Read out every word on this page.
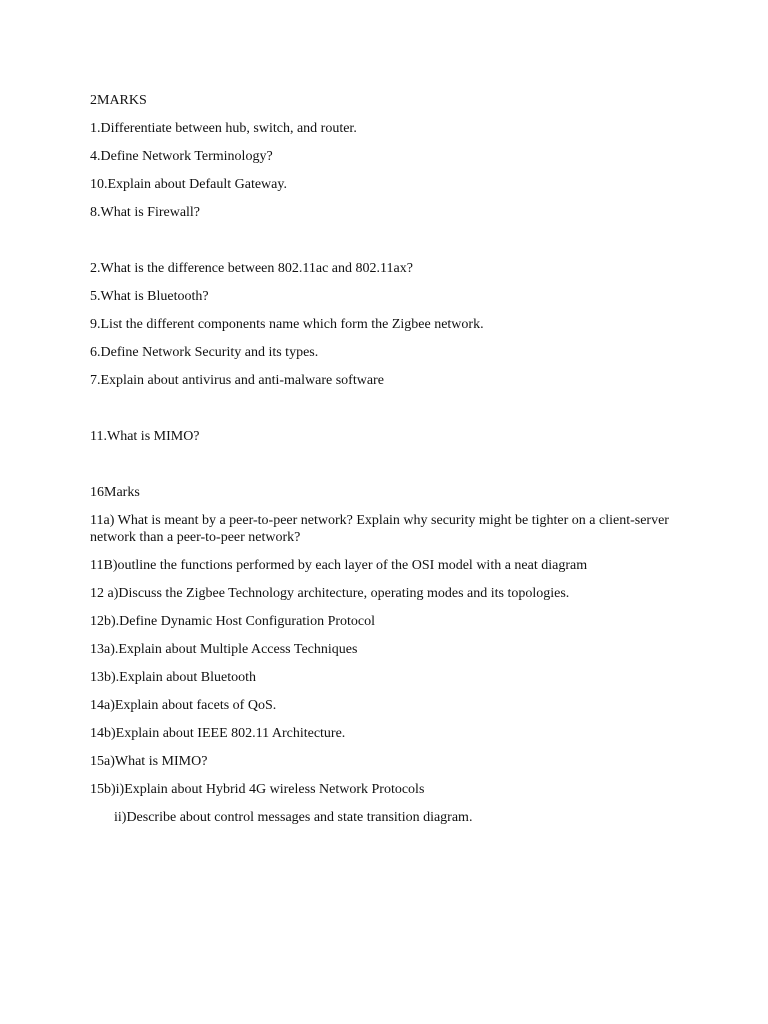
2MARKS

1.Differentiate between hub, switch, and router.

4.Define Network Terminology?

10.Explain about Default Gateway.

8.What is Firewall?

2.What is the difference between 802.11ac and 802.11ax?

5.What is Bluetooth?

9.List the different components name which form the Zigbee network.

6.Define Network Security and its types.

7.Explain about antivirus and anti-malware software

11.What is MIMO?

16Marks

11a) What is meant by a peer-to-peer network? Explain why security might be tighter on a client-server network than a peer-to-peer network?

11B)outline the functions performed by each layer of the OSI model with a neat diagram

12 a)Discuss the Zigbee Technology architecture, operating modes and its topologies.

12b).Define Dynamic Host Configuration Protocol

13a).Explain about Multiple Access Techniques

13b).Explain about Bluetooth

14a)Explain about facets of QoS.

14b)Explain about IEEE 802.11 Architecture.

15a)What is MIMO?

15b)i)Explain about Hybrid 4G wireless Network Protocols

ii)Describe about control messages and state transition diagram.
